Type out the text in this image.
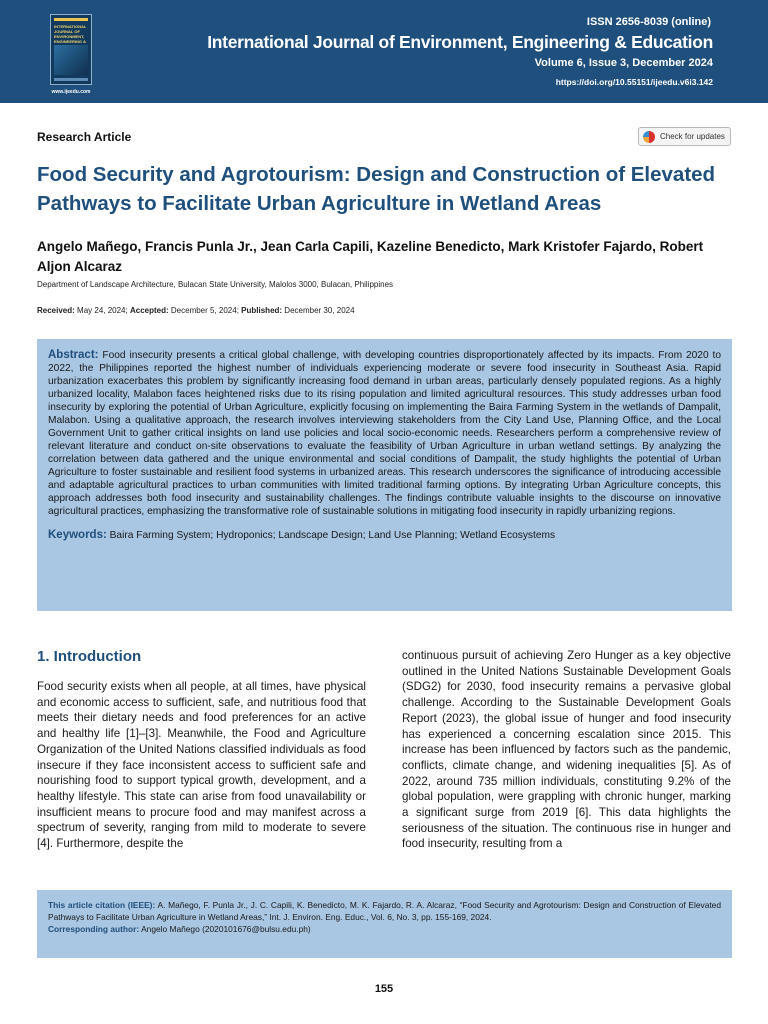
INTERNATIONAL JOURNAL OF ENVIRONMENT, ENGINEERING &
www.ijeedu.com
ISSN 2656-8039 (online)
International Journal of Environment, Engineering & Education
Volume 6, Issue 3, December 2024
https://doi.org/10.55151/ijeedu.v6i3.142
Research Article	Check for updates
Food Security and Agrotourism: Design and Construction of Elevated Pathways to Facilitate Urban Agriculture in Wetland Areas
Angelo Mañego, Francis Punla Jr., Jean Carla Capili, Kazeline Benedicto, Mark Kristofer Fajardo, Robert Aljon Alcaraz
Department of Landscape Architecture, Bulacan State University, Malolos 3000, Bulacan, Philippines
Received: May 24, 2024; Accepted: December 5, 2024; Published: December 30, 2024

Abstract: Food insecurity presents a critical global challenge, with developing countries disproportionately affected by its impacts. From 2020 to 2022, the Philippines reported the highest number of individuals experiencing moderate or severe food insecurity in Southeast Asia. Rapid urbanization exacerbates this problem by significantly increasing food demand in urban areas, particularly densely populated regions. As a highly urbanized locality, Malabon faces heightened risks due to its rising population and limited agricultural resources. This study addresses urban food insecurity by exploring the potential of Urban Agriculture, explicitly focusing on implementing the Baira Farming System in the wetlands of Dampalit, Malabon. Using a qualitative approach, the research involves interviewing stakeholders from the City Land Use, Planning Office, and the Local Government Unit to gather critical insights on land use policies and local socio-economic needs. Researchers perform a comprehensive review of relevant literature and conduct on-site observations to evaluate the feasibility of Urban Agriculture in urban wetland settings. By analyzing the correlation between data gathered and the unique environmental and social conditions of Dampalit, the study highlights the potential of Urban Agriculture to foster sustainable and resilient food systems in urbanized areas. This research underscores the significance of introducing accessible and adaptable agricultural practices to urban communities with limited traditional farming options. By integrating Urban Agriculture concepts, this approach addresses both food insecurity and sustainability challenges. The findings contribute valuable insights to the discourse on innovative agricultural practices, emphasizing the transformative role of sustainable solutions in mitigating food insecurity in rapidly urbanizing regions.

Keywords: Baira Farming System; Hydroponics; Landscape Design; Land Use Planning; Wetland Ecosystems

1. Introduction

Food security exists when all people, at all times, have physical and economic access to sufficient, safe, and nutritious food that meets their dietary needs and food preferences for an active and healthy life [1]–[3]. Meanwhile, the Food and Agriculture Organization of the United Nations classified individuals as food insecure if they face inconsistent access to sufficient safe and nourishing food to support typical growth, development, and a healthy lifestyle. This state can arise from food unavailability or insufficient means to procure food and may manifest across a spectrum of severity, ranging from mild to moderate to severe [4]. Furthermore, despite the

continuous pursuit of achieving Zero Hunger as a key objective outlined in the United Nations Sustainable Development Goals (SDG2) for 2030, food insecurity remains a pervasive global challenge. According to the Sustainable Development Goals Report (2023), the global issue of hunger and food insecurity has experienced a concerning escalation since 2015. This increase has been influenced by factors such as the pandemic, conflicts, climate change, and widening inequalities [5]. As of 2022, around 735 million individuals, constituting 9.2% of the global population, were grappling with chronic hunger, marking a significant surge from 2019 [6]. This data highlights the seriousness of the situation. The continuous rise in hunger and food insecurity, resulting from a

This article citation (IEEE): A. Mañego, F. Punla Jr., J. C. Capili, K. Benedicto, M. K. Fajardo, R. A. Alcaraz, “Food Security and Agrotourism: Design and Construction of Elevated Pathways to Facilitate Urban Agriculture in Wetland Areas,” Int. J. Environ. Eng. Educ., Vol. 6, No. 3, pp. 155-169, 2024.

Corresponding author: Angelo Mañego (2020101676@bulsu.edu.ph)

155
